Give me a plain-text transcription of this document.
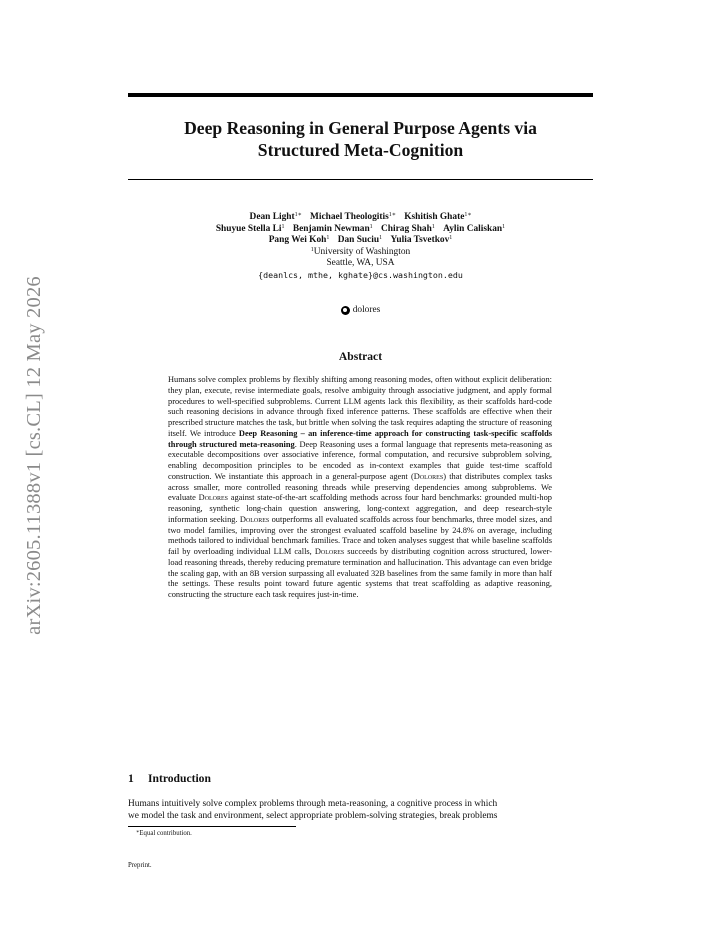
arXiv:2605.11388v1 [cs.CL] 12 May 2026
Deep Reasoning in General Purpose Agents via
Structured Meta-Cognition
Dean Light$^{1∗}$ Michael Theologitis$^{1∗}$ Kshitish Ghate$^{1∗}$
Shuyue Stella Li$^1$ Benjamin Newman$^1$ Chirag Shah$^1$ Aylin Caliskan$^1$
Pang Wei Koh$^1$ Dan Suciu$^1$ Yulia Tsvetkov$^1$
$^1$University of Washington
Seattle, WA, USA
{deanlcs, mthe, kghate}@cs.washington.edu
dolores
Abstract

Humans solve complex problems by flexibly shifting among reasoning modes, often without explicit deliberation: they plan, execute, revise intermediate goals, resolve ambiguity through associative judgment, and apply formal procedures to well-specified subproblems. Current LLM agents lack this flexibility, as their scaffolds hard-code such reasoning decisions in advance through fixed inference patterns. These scaffolds are effective when their prescribed structure matches the task, but brittle when solving the task requires adapting the structure of reasoning itself. We introduce Deep Reasoning – an inference-time approach for constructing task-specific scaffolds through structured meta-reasoning. Deep Reasoning uses a formal language that represents meta-reasoning as executable decompositions over associative inference, formal computation, and recursive subproblem solving, enabling decomposition principles to be encoded as in-context examples that guide test-time scaffold construction. We instantiate this approach in a general-purpose agent (Dolores) that distributes complex tasks across smaller, more controlled reasoning threads while preserving dependencies among subproblems. We evaluate Dolores against state-of-the-art scaffolding methods across four hard benchmarks: grounded multi-hop reasoning, synthetic long-chain question answering, long-context aggregation, and deep research-style information seeking. Dolores outperforms all evaluated scaffolds across four benchmarks, three model sizes, and two model families, improving over the strongest evaluated scaffold baseline by 24.8% on average, including methods tailored to individual benchmark families. Trace and token analyses suggest that while baseline scaffolds fail by overloading individual LLM calls, Dolores succeeds by distributing cognition across structured, lower-load reasoning threads, thereby reducing premature termination and hallucination. This advantage can even bridge the scaling gap, with an 8B version surpassing all evaluated 32B baselines from the same family in more than half the settings. These results point toward future agentic systems that treat scaffolding as adaptive reasoning, constructing the structure each task requires just-in-time.

1 Introduction

Humans intuitively solve complex problems through meta-reasoning, a cognitive process in which
we model the task and environment, select appropriate problem-solving strategies, break problems

∗Equal contribution.
Preprint.
